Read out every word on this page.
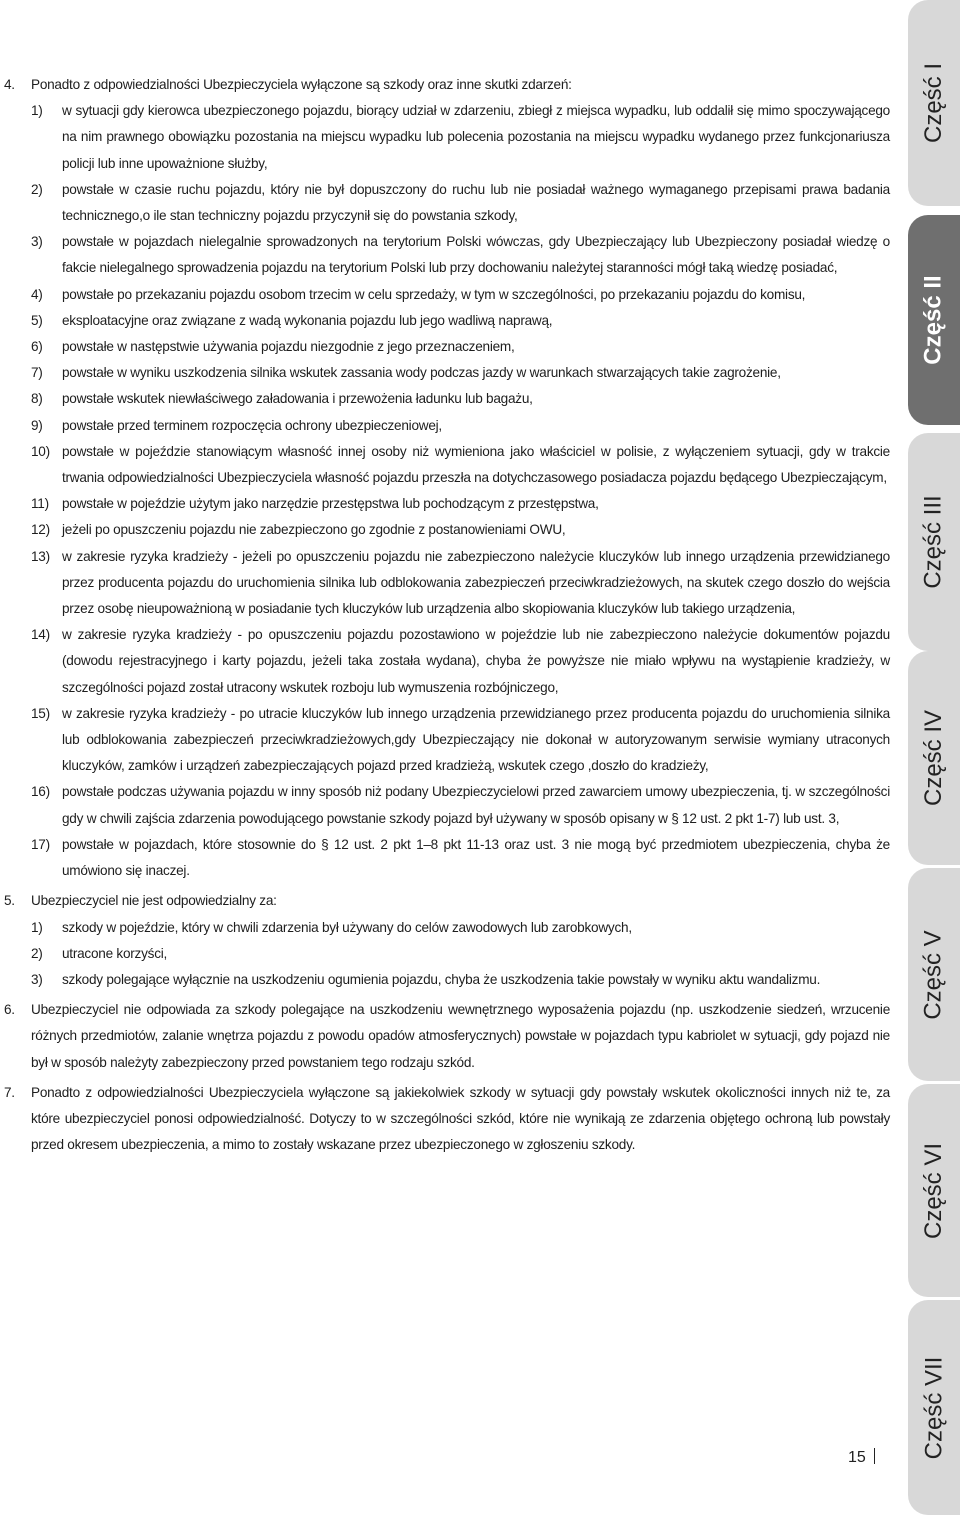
4. Ponadto z odpowiedzialności Ubezpieczyciela wyłączone są szkody oraz inne skutki zdarzeń:
1) w sytuacji gdy kierowca ubezpieczonego pojazdu, biorący udział w zdarzeniu, zbiegł z miejsca wypadku, lub oddalił się mimo spoczywającego na nim prawnego obowiązku pozostania na miejscu wypadku lub polecenia pozostania na miejscu wypadku wydanego przez funkcjonariusza policji lub inne upoważnione służby,
2) powstałe w czasie ruchu pojazdu, który nie był dopuszczony do ruchu lub nie posiadał ważnego wymaganego przepisami prawa badania technicznego,o ile stan techniczny pojazdu przyczynił się do powstania szkody,
3) powstałe w pojazdach nielegalnie sprowadzonych na terytorium Polski wówczas, gdy Ubezpieczający lub Ubezpieczony posiadał wiedzę o fakcie nielegalnego sprowadzenia pojazdu na terytorium Polski lub przy dochowaniu należytej staranności mógł taką wiedzę posiadać,
4) powstałe po przekazaniu pojazdu osobom trzecim w celu sprzedaży, w tym w szczególności, po przekazaniu pojazdu do komisu,
5) eksploatacyjne oraz związane z wadą wykonania pojazdu lub jego wadliwą naprawą,
6) powstałe w następstwie używania pojazdu niezgodnie z jego przeznaczeniem,
7) powstałe w wyniku uszkodzenia silnika wskutek zassania wody podczas jazdy w warunkach stwarzających takie zagrożenie,
8) powstałe wskutek niewłaściwego załadowania i przewożenia ładunku lub bagażu,
9) powstałe przed terminem rozpoczęcia ochrony ubezpieczeniowej,
10) powstałe w pojeździe stanowiącym własność innej osoby niż wymieniona jako właściciel w polisie, z wyłączeniem sytuacji, gdy w trakcie trwania odpowiedzialności Ubezpieczyciela własność pojazdu przeszła na dotychczasowego posiadacza pojazdu będącego Ubezpieczającym,
11) powstałe w pojeździe użytym jako narzędzie przestępstwa lub pochodzącym z przestępstwa,
12) jeżeli po opuszczeniu pojazdu nie zabezpieczono go zgodnie z postanowieniami OWU,
13) w zakresie ryzyka kradzieży - jeżeli po opuszczeniu pojazdu nie zabezpieczono należycie kluczyków lub innego urządzenia przewidzianego przez producenta pojazdu do uruchomienia silnika lub odblokowania zabezpieczeń przeciwkradzieżowych, na skutek czego doszło do wejścia przez osobę nieupoważnioną w posiadanie tych kluczyków lub urządzenia albo skopiowania kluczyków lub takiego urządzenia,
14) w zakresie ryzyka kradzieży - po opuszczeniu pojazdu pozostawiono w pojeździe lub nie zabezpieczono należycie dokumentów pojazdu (dowodu rejestracyjnego i karty pojazdu, jeżeli taka została wydana), chyba że powyższe nie miało wpływu na wystąpienie kradzieży, w szczególności pojazd został utracony wskutek rozboju lub wymuszenia rozbójniczego,
15) w zakresie ryzyka kradzieży - po utracie kluczyków lub innego urządzenia przewidzianego przez producenta pojazdu do uruchomienia silnika lub odblokowania zabezpieczeń przeciwkradzieżowych,gdy Ubezpieczający nie dokonał w autoryzowanym serwisie wymiany utraconych kluczyków, zamków i urządzeń zabezpieczających pojazd przed kradzieżą, wskutek czego ,doszło do kradzieży,
16) powstałe podczas używania pojazdu w inny sposób niż podany Ubezpieczycielowi przed zawarciem umowy ubezpieczenia, tj. w szczególności gdy w chwili zajścia zdarzenia powodującego powstanie szkody pojazd był używany w sposób opisany w § 12 ust. 2 pkt 1-7) lub ust. 3,
17) powstałe w pojazdach, które stosownie do § 12 ust. 2 pkt 1–8 pkt 11-13 oraz ust. 3 nie mogą być przedmiotem ubezpieczenia, chyba że umówiono się inaczej.
5. Ubezpieczyciel nie jest odpowiedzialny za:
1) szkody w pojeździe, który w chwili zdarzenia był używany do celów zawodowych lub zarobkowych,
2) utracone korzyści,
3) szkody polegające wyłącznie na uszkodzeniu ogumienia pojazdu, chyba że uszkodzenia takie powstały w wyniku aktu wandalizmu.
6. Ubezpieczyciel nie odpowiada za szkody polegające na uszkodzeniu wewnętrznego wyposażenia pojazdu (np. uszkodzenie siedzeń, wrzucenie różnych przedmiotów, zalanie wnętrza pojazdu z powodu opadów atmosferycznych) powstałe w pojazdach typu kabriolet w sytuacji, gdy pojazd nie był w sposób należyty zabezpieczony przed powstaniem tego rodzaju szkód.
7. Ponadto z odpowiedzialności Ubezpieczyciela wyłączone są jakiekolwiek szkody w sytuacji gdy powstały wskutek okoliczności innych niż te, za które ubezpieczyciel ponosi odpowiedzialność. Dotyczy to w szczególności szkód, które nie wynikają ze zdarzenia objętego ochroną lub powstały przed okresem ubezpieczenia, a mimo to zostały wskazane przez ubezpieczonego w zgłoszeniu szkody.
Część I
Część II
Część III
Część IV
Część V
Część VI
Część VII
15
